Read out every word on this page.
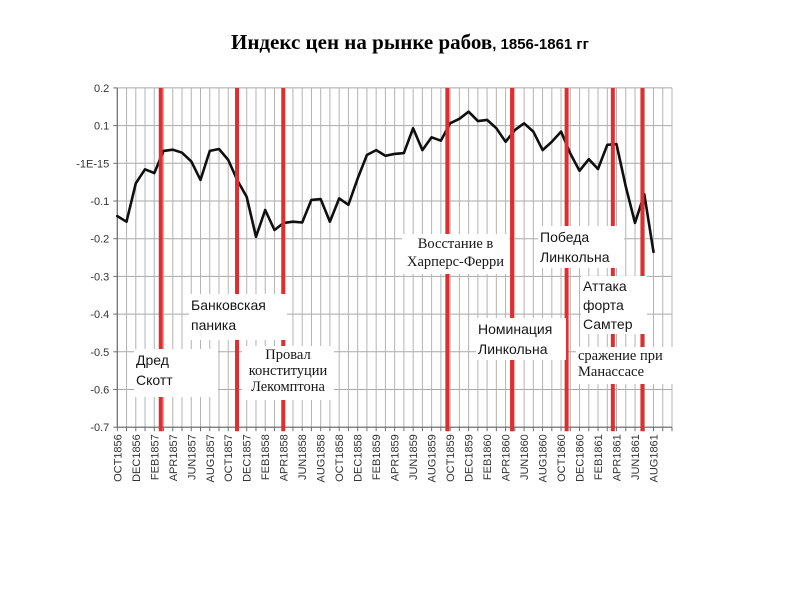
Индекс цен на рынке рабов, 1856-1861 гг
0.2
0.1
-1E-15
-0.1
-0.2
-0.3
-0.4
-0.5
-0.6
-0.7
OCT1856 DEC1856 FEB1857 APR1857 JUN1857 AUG1857 OCT1857 DEC1857 FEB1858 APR1858 JUN1858 AUG1858 OCT1858 DEC1858 FEB1859 APR1859 JUN1859 AUG1859 OCT1859 DEC1859 FEB1860 APR1860 JUN1860 AUG1860 OCT1860 DEC1860 FEB1861 APR1861 JUN1861 AUG1861
Дред
Скотт
Банковская
паника
Провал
конституции
Лекомптона
Восстание в
Харперс-Ферри
Номинация
Линкольна
Победа
Линкольна
Аттака
форта
Самтер
сражение при
Манассасе
